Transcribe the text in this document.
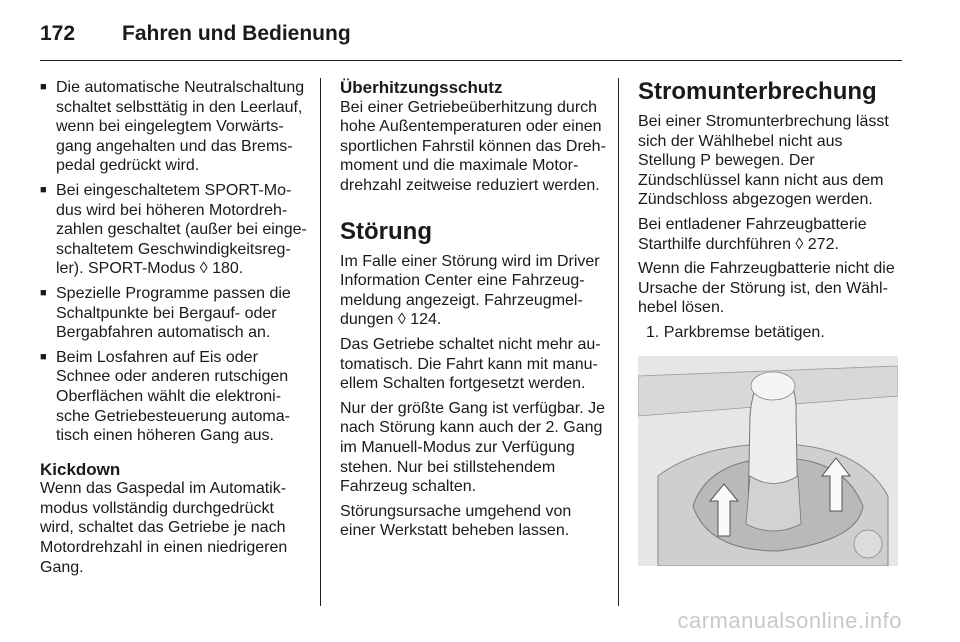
172	Fahren und Bedienung
■ Die automatische Neutralschaltung schaltet selbsttätig in den Leerlauf, wenn bei eingelegtem Vorwärtsgang angehalten und das Bremspedal gedrückt wird.
■ Bei eingeschaltetem SPORT-Modus wird bei höheren Motordrehzahlen geschaltet (außer bei eingeschaltetem Geschwindigkeitsregler). SPORT-Modus ◊ 180.
■ Spezielle Programme passen die Schaltpunkte bei Bergauf- oder Bergabfahren automatisch an.
■ Beim Losfahren auf Eis oder Schnee oder anderen rutschigen Oberflächen wählt die elektronische Getriebesteuerung automatisch einen höheren Gang aus.
Kickdown

Wenn das Gaspedal im Automatikmodus vollständig durchgedrückt wird, schaltet das Getriebe je nach Motordrehzahl in einen niedrigeren Gang.

Überhitzungsschutz

Bei einer Getriebeüberhitzung durch hohe Außentemperaturen oder einen sportlichen Fahrstil können das Drehmoment und die maximale Motordrehzahl zeitweise reduziert werden.

Störung

Im Falle einer Störung wird im Driver Information Center eine Fahrzeugmeldung angezeigt. Fahrzeugmeldungen ◊ 124.

Das Getriebe schaltet nicht mehr automatisch. Die Fahrt kann mit manuellem Schalten fortgesetzt werden.

Nur der größte Gang ist verfügbar. Je nach Störung kann auch der 2. Gang im Manuell-Modus zur Verfügung stehen. Nur bei stillstehendem Fahrzeug schalten.

Störungsursache umgehend von einer Werkstatt beheben lassen.

Stromunterbrechung

Bei einer Stromunterbrechung lässt sich der Wählhebel nicht aus Stellung P bewegen. Der Zündschlüssel kann nicht aus dem Zündschloss abgezogen werden.

Bei entladener Fahrzeugbatterie Starthilfe durchführen ◊ 272.

Wenn die Fahrzeugbatterie nicht die Ursache der Störung ist, den Wählhebel lösen.

1. Parkbremse betätigen.

carmanualsonline.info
